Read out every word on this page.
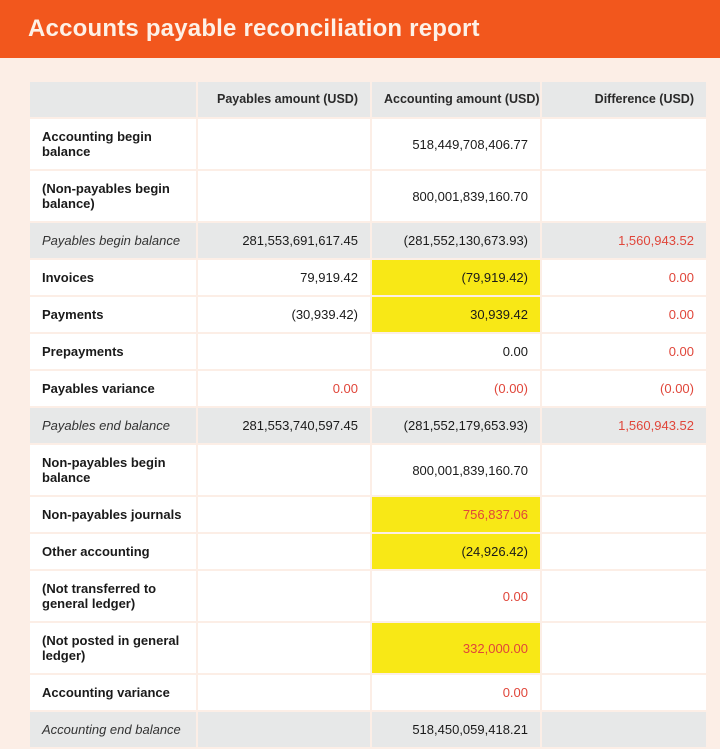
Accounts payable reconciliation report
	Payables amount (USD)	Accounting amount (USD)	Difference (USD)
Accounting begin balance		518,449,708,406.77	
(Non-payables begin balance)		800,001,839,160.70	
Payables begin balance	281,553,691,617.45	(281,552,130,673.93)	1,560,943.52
Invoices	79,919.42	(79,919.42)	0.00
Payments	(30,939.42)	30,939.42	0.00
Prepayments		0.00	0.00
Payables variance	0.00	(0.00)	(0.00)
Payables end balance	281,553,740,597.45	(281,552,179,653.93)	1,560,943.52
Non-payables begin balance		800,001,839,160.70	
Non-payables journals		756,837.06	
Other accounting		(24,926.42)	
(Not transferred to general ledger)		0.00	
(Not posted in general ledger)		332,000.00	
Accounting variance		0.00	
Accounting end balance		518,450,059,418.21	
